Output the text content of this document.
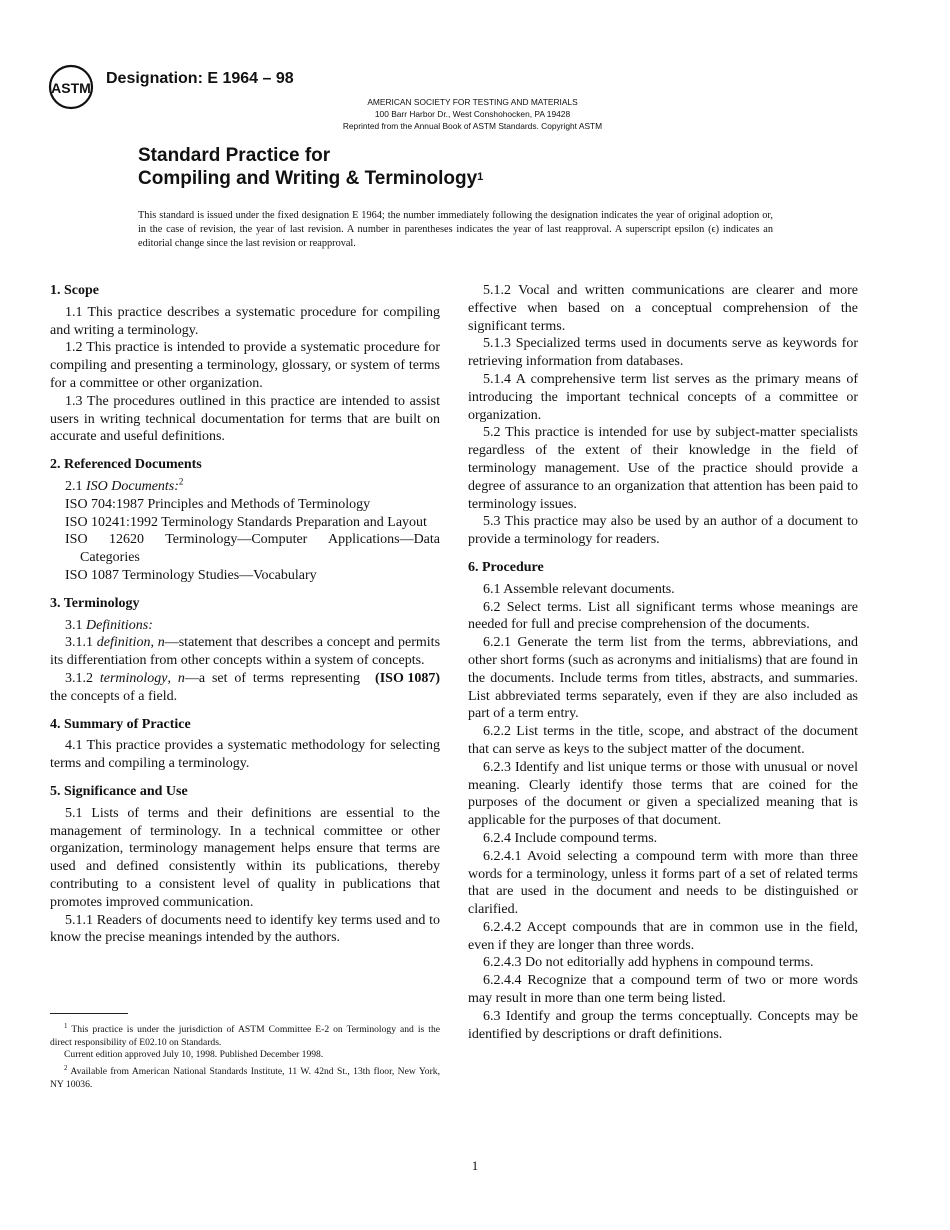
ASTM
Designation: E 1964 – 98
AMERICAN SOCIETY FOR TESTING AND MATERIALS
100 Barr Harbor Dr., West Conshohocken, PA 19428
Reprinted from the Annual Book of ASTM Standards. Copyright ASTM
Standard Practice for
Compiling and Writing & Terminology$^1$
This standard is issued under the fixed designation E 1964; the number immediately following the designation indicates the year of original adoption or, in the case of revision, the year of last revision. A number in parentheses indicates the year of last reapproval. A superscript epsilon (ϵ) indicates an editorial change since the last revision or reapproval.
1. Scope

1.1 This practice describes a systematic procedure for compiling and writing a terminology.

1.2 This practice is intended to provide a systematic procedure for compiling and presenting a terminology, glossary, or system of terms for a committee or other organization.

1.3 The procedures outlined in this practice are intended to assist users in writing technical documentation for terms that are built on accurate and useful definitions.

2. Referenced Documents

2.1 ISO Documents:$^2$

ISO 704:1987 Principles and Methods of Terminology

ISO 10241:1992 Terminology Standards Preparation and Layout

ISO 12620 Terminology—Computer Applications—Data Categories

ISO 1087 Terminology Studies—Vocabulary

3. Terminology

3.1 Definitions:

3.1.1 definition, n—statement that describes a concept and permits its differentiation from other concepts within a system of concepts.
(ISO 1087)

3.1.2 terminology, n—a set of terms representing the concepts of a field.

4. Summary of Practice

4.1 This practice provides a systematic methodology for selecting terms and compiling a terminology.

5. Significance and Use

5.1 Lists of terms and their definitions are essential to the management of terminology. In a technical committee or other organization, terminology management helps ensure that terms are used and defined consistently within its publications, thereby contributing to a consistent level of quality in publications that promotes improved communication.

5.1.1 Readers of documents need to identify key terms used and to know the precise meanings intended by the authors.

5.1.2 Vocal and written communications are clearer and more effective when based on a conceptual comprehension of the significant terms.

5.1.3 Specialized terms used in documents serve as keywords for retrieving information from databases.

5.1.4 A comprehensive term list serves as the primary means of introducing the important technical concepts of a committee or organization.

5.2 This practice is intended for use by subject-matter specialists regardless of the extent of their knowledge in the field of terminology management. Use of the practice should provide a degree of assurance to an organization that attention has been paid to terminology issues.

5.3 This practice may also be used by an author of a document to provide a terminology for readers.

6. Procedure

6.1 Assemble relevant documents.

6.2 Select terms. List all significant terms whose meanings are needed for full and precise comprehension of the documents.

6.2.1 Generate the term list from the terms, abbreviations, and other short forms (such as acronyms and initialisms) that are found in the documents. Include terms from titles, abstracts, and summaries. List abbreviated terms separately, even if they are also included as part of a term entry.

6.2.2 List terms in the title, scope, and abstract of the document that can serve as keys to the subject matter of the document.

6.2.3 Identify and list unique terms or those with unusual or novel meaning. Clearly identify those terms that are coined for the purposes of the document or given a specialized meaning that is applicable for the purposes of that document.

6.2.4 Include compound terms.

6.2.4.1 Avoid selecting a compound term with more than three words for a terminology, unless it forms part of a set of related terms that are used in the document and needs to be distinguished or clarified.

6.2.4.2 Accept compounds that are in common use in the field, even if they are longer than three words.

6.2.4.3 Do not editorially add hyphens in compound terms.

6.2.4.4 Recognize that a compound term of two or more words may result in more than one term being listed.

6.3 Identify and group the terms conceptually. Concepts may be identified by descriptions or draft definitions.

$^1$ This practice is under the jurisdiction of ASTM Committee E-2 on Terminology and is the direct responsibility of E02.10 on Standards.

Current edition approved July 10, 1998. Published December 1998.

$^2$ Available from American National Standards Institute, 11 W. 42nd St., 13th floor, New York, NY 10036.

1
